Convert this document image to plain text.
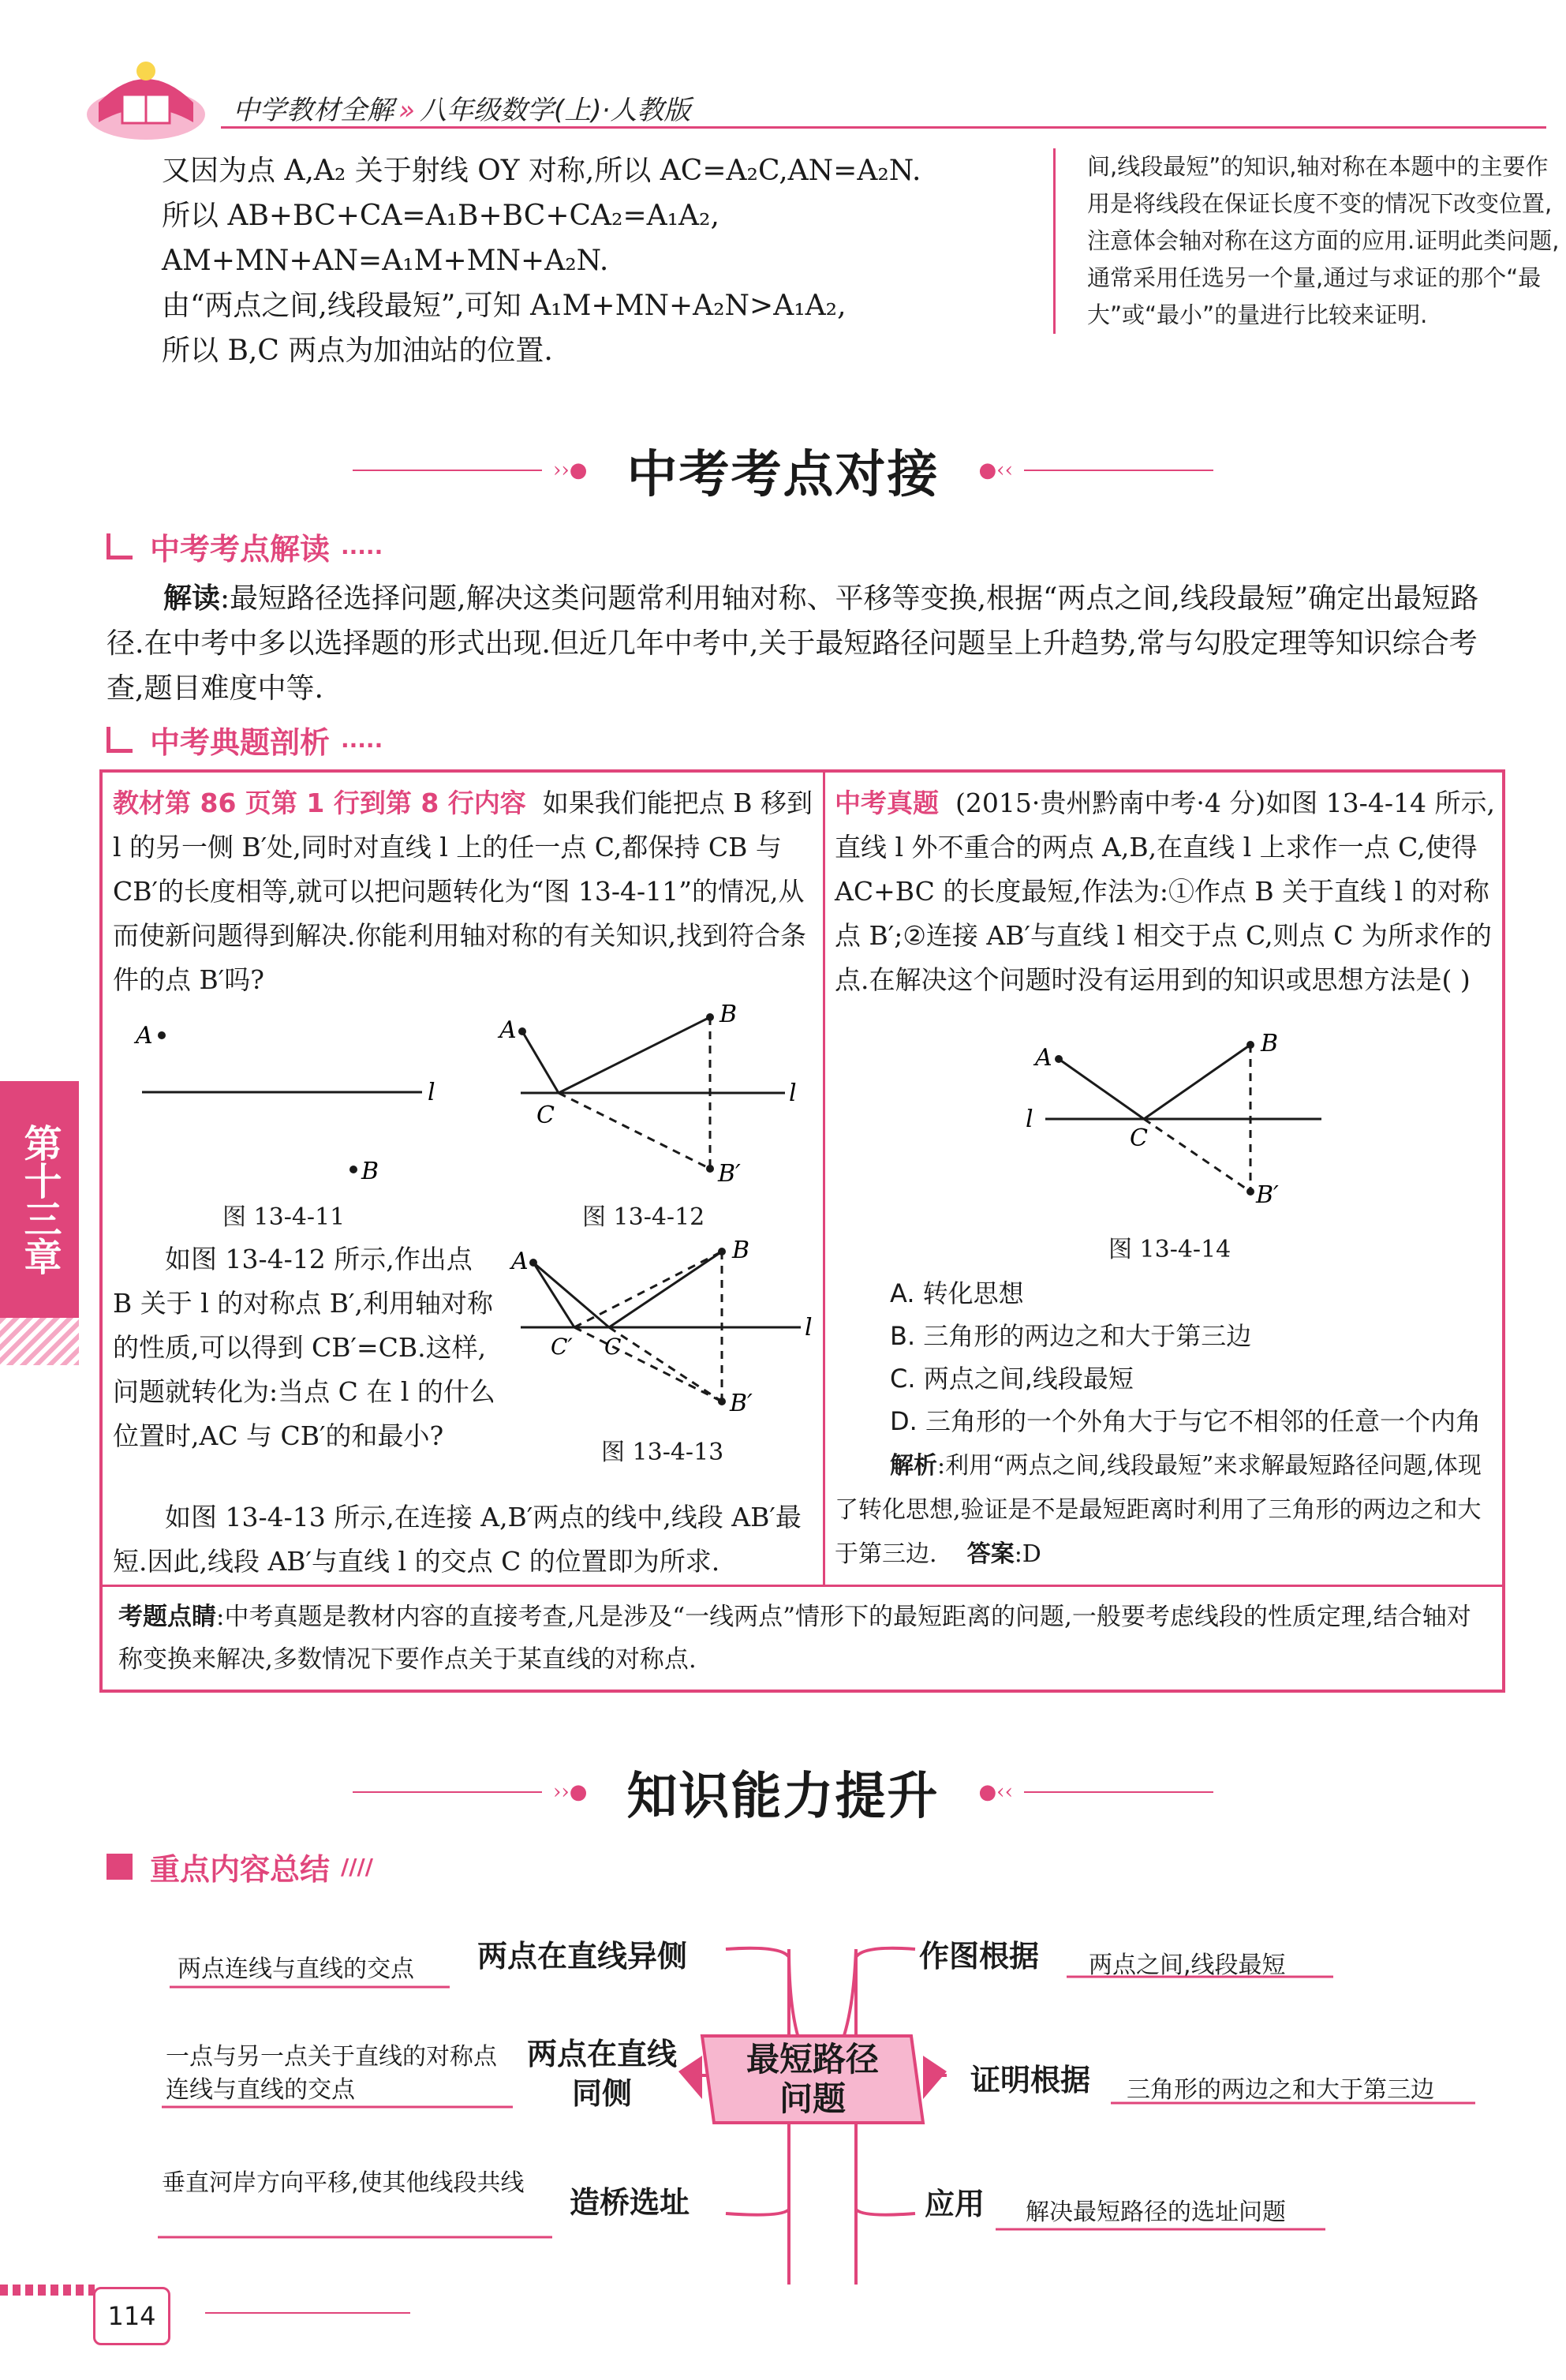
中学教材全解 » 八年级数学(上)·人教版
又因为点 A,A₂ 关于射线 OY 对称,所以 AC=A₂C,AN=A₂N.
所以 AB+BC+CA=A₁B+BC+CA₂=A₁A₂,
AM+MN+AN=A₁M+MN+A₂N.
由“两点之间,线段最短”,可知 A₁M+MN+A₂N>A₁A₂,
所以 B,C 两点为加油站的位置.
间,线段最短”的知识,轴对称在本题中的主要作用是将线段在保证长度不变的情况下改变位置,注意体会轴对称在这方面的应用.证明此类问题,通常采用任选另一个量,通过与求证的那个“最大”或“最小”的量进行比较来证明.
››● 中考考点对接 ●‹‹
中考考点解读 .....
解读:最短路径选择问题,解决这类问题常利用轴对称、平移等变换,根据“两点之间,线段最短”确定出最短路径.在中考中多以选择题的形式出现.但近几年中考中,关于最短路径问题呈上升趋势,常与勾股定理等知识综合考查,题目难度中等.
中考典题剖析 .....
教材第 86 页第 1 行到第 8 行内容 如果我们能把点 B 移到 l 的另一侧 B′处,同时对直线 l 上的任一点 C,都保持 CB 与 CB′的长度相等,就可以把问题转化为“图 13-4-11”的情况,从而使新问题得到解决.你能利用轴对称的有关知识,找到符合条件的点 B′吗?
A
l
B
图 13-4-11
l
A
B
C
B′
图 13-4-12
如图 13-4-12 所示,作出点 B 关于 l 的对称点 B′,利用轴对称的性质,可以得到 CB′=CB.这样,问题就转化为:当点 C 在 l 的什么位置时,AC 与 CB′的和最小?
l
A	B
C′ C
B′
图 13-4-13
如图 13-4-13 所示,在连接 A,B′两点的线中,线段 AB′最短.因此,线段 AB′与直线 l 的交点 C 的位置即为所求.
中考真题 (2015·贵州黔南中考·4 分)如图 13-4-14 所示,直线 l 外不重合的两点 A,B,在直线 l 上求作一点 C,使得 AC+BC 的长度最短,作法为:①作点 B 关于直线 l 的对称点 B′;②连接 AB′与直线 l 相交于点 C,则点 C 为所求作的点.在解决这个问题时没有运用到的知识或思想方法是( )
l
A
B
C
B′
图 13-4-14
A. 转化思想
B. 三角形的两边之和大于第三边
C. 两点之间,线段最短
D. 三角形的一个外角大于与它不相邻的任意一个内角
解析:利用“两点之间,线段最短”来求解最短路径问题,体现了转化思想,验证是不是最短距离时利用了三角形的两边之和大于第三边. 答案:D
考题点睛:中考真题是教材内容的直接考查,凡是涉及“一线两点”情形下的最短距离的问题,一般要考虑线段的性质定理,结合轴对称变换来解决,多数情况下要作点关于某直线的对称点.
››● 知识能力提升 ●‹‹
重点内容总结 ////
最短路径
问题
两点在直线异侧
两点连线与直线的交点
两点在直线同侧
一点与另一点关于直线的对称点连线与直线的交点
造桥选址
垂直河岸方向平移,使其他线段共线
作图根据 两点之间,线段最短
证明根据 三角形的两边之和大于第三边
应用 解决最短路径的选址问题
第十三章
114
